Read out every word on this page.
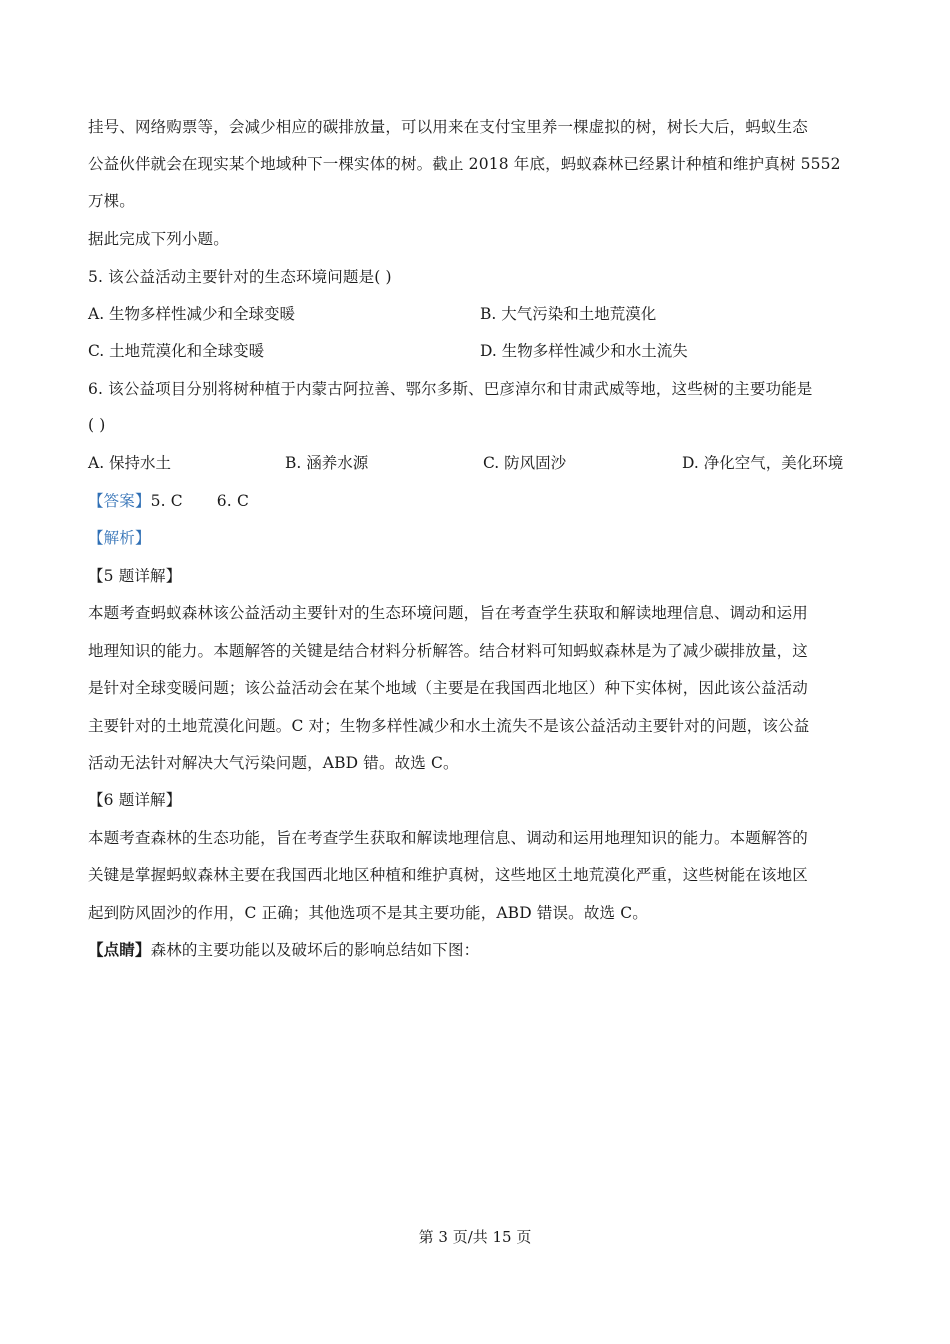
挂号、网络购票等，会减少相应的碳排放量，可以用来在支付宝里养一棵虚拟的树，树长大后，蚂蚁生态
公益伙伴就会在现实某个地域种下一棵实体的树。截止 2018 年底，蚂蚁森林已经累计种植和维护真树 5552
万棵。
据此完成下列小题。
5. 该公益活动主要针对的生态环境问题是( )
A. 生物多样性减少和全球变暖	B. 大气污染和土地荒漠化
C. 土地荒漠化和全球变暖	D. 生物多样性减少和水土流失
6. 该公益项目分别将树种植于内蒙古阿拉善、鄂尔多斯、巴彦淖尔和甘肃武威等地，这些树的主要功能是
( )
A. 保持水土	B. 涵养水源	C. 防风固沙	D. 净化空气，美化环境
【答案】5. C 6. C
【解析】
【5 题详解】
本题考查蚂蚁森林该公益活动主要针对的生态环境问题，旨在考查学生获取和解读地理信息、调动和运用
地理知识的能力。本题解答的关键是结合材料分析解答。结合材料可知蚂蚁森林是为了减少碳排放量，这
是针对全球变暖问题；该公益活动会在某个地域（主要是在我国西北地区）种下实体树，因此该公益活动
主要针对的土地荒漠化问题。C 对；生物多样性减少和水土流失不是该公益活动主要针对的问题，该公益
活动无法针对解决大气污染问题，ABD 错。故选 C。
【6 题详解】
本题考查森林的生态功能，旨在考查学生获取和解读地理信息、调动和运用地理知识的能力。本题解答的
关键是掌握蚂蚁森林主要在我国西北地区种植和维护真树，这些地区土地荒漠化严重，这些树能在该地区
起到防风固沙的作用，C 正确；其他选项不是其主要功能，ABD 错误。故选 C。
【点睛】森林的主要功能以及破坏后的影响总结如下图：
第 3 页/共 15 页
